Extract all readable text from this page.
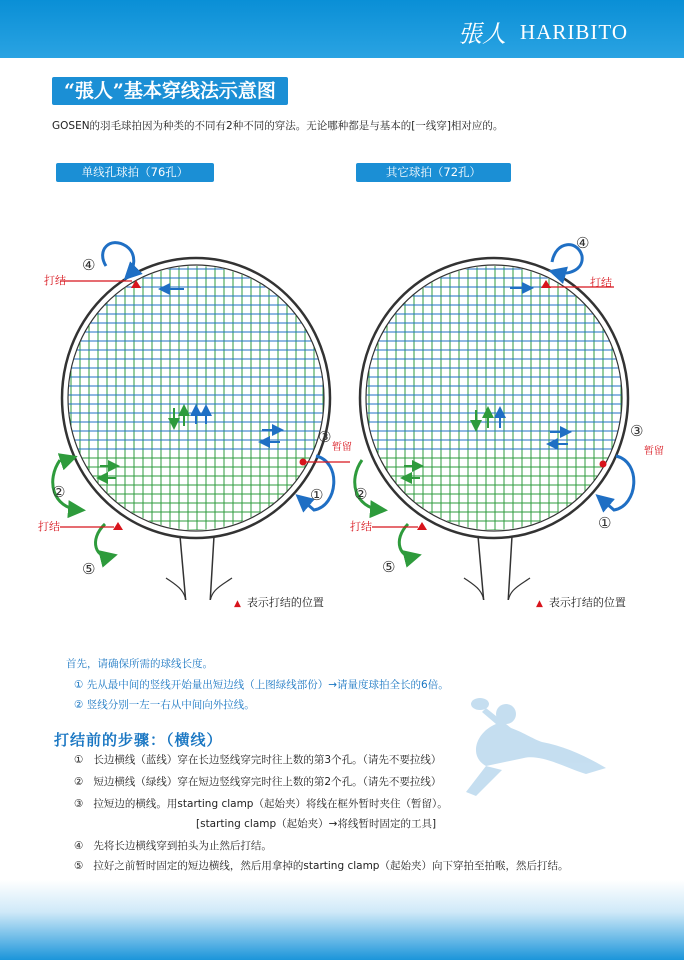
張人 HARIBITO
“張人”基本穿线法示意图
GOSEN的羽毛球拍因为种类的不同有2种不同的穿法。无论哪种都是与基本的[一线穿]相对应的。
单线孔球拍（76孔）	其它球拍（72孔）
打结
打结
暂留
④
②
⑤
③
①
打结
打结
暂留
④
②
⑤
③
①
▲ 表示打结的位置	▲ 表示打结的位置
首先，请确保所需的球线长度。
① 先从最中间的竖线开始量出短边线（上图绿线部份）→请量度球拍全长的6倍。
② 竖线分别一左一右从中间向外拉线。
打结前的步骤：（横线）
① 长边横线（蓝线）穿在长边竖线穿完时往上数的第3个孔。（请先不要拉线）
② 短边横线（绿线）穿在短边竖线穿完时往上数的第2个孔。（请先不要拉线）
③ 拉短边的横线。用starting clamp（起始夹）将线在框外暂时夹住（暂留）。
[starting clamp（起始夹）→将线暂时固定的工具]
④ 先将长边横线穿到拍头为止然后打结。
⑤ 拉好之前暂时固定的短边横线，然后用拿掉的starting clamp（起始夹）向下穿拍至拍喉，然后打结。
